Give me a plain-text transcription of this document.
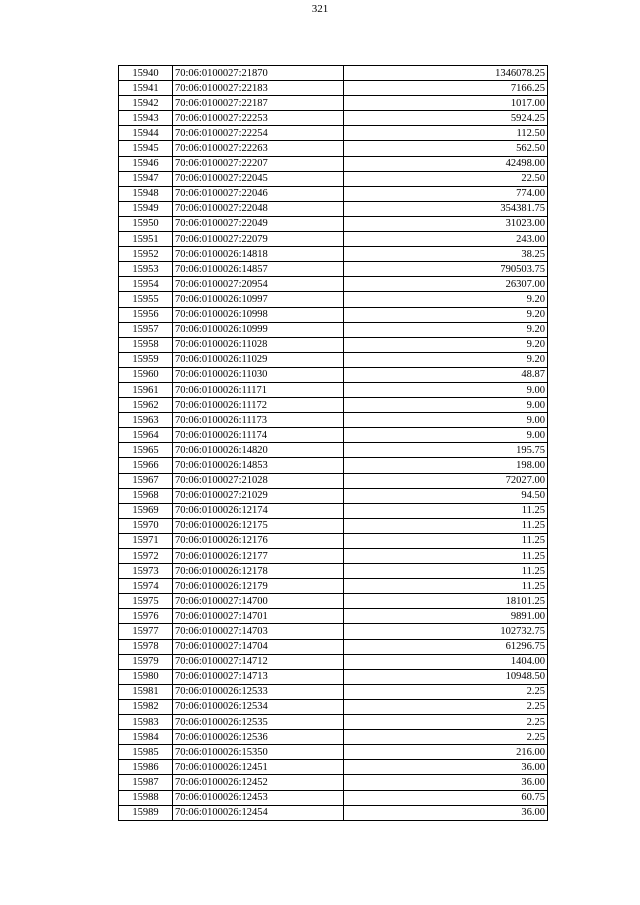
321
15940	70:06:0100027:21870	1346078.25
15941	70:06:0100027:22183	7166.25
15942	70:06:0100027:22187	1017.00
15943	70:06:0100027:22253	5924.25
15944	70:06:0100027:22254	112.50
15945	70:06:0100027:22263	562.50
15946	70:06:0100027:22207	42498.00
15947	70:06:0100027:22045	22.50
15948	70:06:0100027:22046	774.00
15949	70:06:0100027:22048	354381.75
15950	70:06:0100027:22049	31023.00
15951	70:06:0100027:22079	243.00
15952	70:06:0100026:14818	38.25
15953	70:06:0100026:14857	790503.75
15954	70:06:0100027:20954	26307.00
15955	70:06:0100026:10997	9.20
15956	70:06:0100026:10998	9.20
15957	70:06:0100026:10999	9.20
15958	70:06:0100026:11028	9.20
15959	70:06:0100026:11029	9.20
15960	70:06:0100026:11030	48.87
15961	70:06:0100026:11171	9.00
15962	70:06:0100026:11172	9.00
15963	70:06:0100026:11173	9.00
15964	70:06:0100026:11174	9.00
15965	70:06:0100026:14820	195.75
15966	70:06:0100026:14853	198.00
15967	70:06:0100027:21028	72027.00
15968	70:06:0100027:21029	94.50
15969	70:06:0100026:12174	11.25
15970	70:06:0100026:12175	11.25
15971	70:06:0100026:12176	11.25
15972	70:06:0100026:12177	11.25
15973	70:06:0100026:12178	11.25
15974	70:06:0100026:12179	11.25
15975	70:06:0100027:14700	18101.25
15976	70:06:0100027:14701	9891.00
15977	70:06:0100027:14703	102732.75
15978	70:06:0100027:14704	61296.75
15979	70:06:0100027:14712	1404.00
15980	70:06:0100027:14713	10948.50
15981	70:06:0100026:12533	2.25
15982	70:06:0100026:12534	2.25
15983	70:06:0100026:12535	2.25
15984	70:06:0100026:12536	2.25
15985	70:06:0100026:15350	216.00
15986	70:06:0100026:12451	36.00
15987	70:06:0100026:12452	36.00
15988	70:06:0100026:12453	60.75
15989	70:06:0100026:12454	36.00
